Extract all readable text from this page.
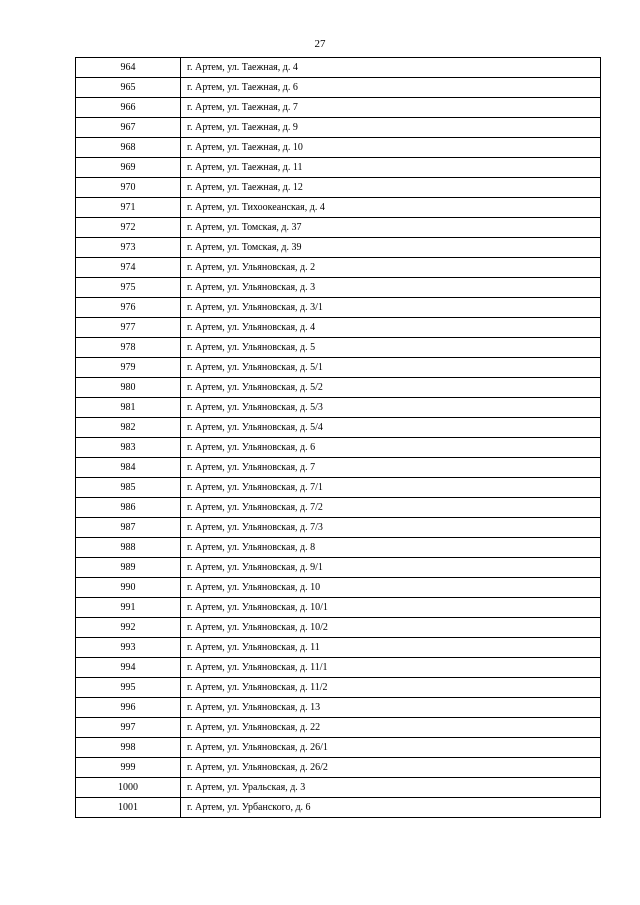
27
964	г. Артем, ул. Таежная, д. 4
965	г. Артем, ул. Таежная, д. 6
966	г. Артем, ул. Таежная, д. 7
967	г. Артем, ул. Таежная, д. 9
968	г. Артем, ул. Таежная, д. 10
969	г. Артем, ул. Таежная, д. 11
970	г. Артем, ул. Таежная, д. 12
971	г. Артем, ул. Тихоокеанская, д. 4
972	г. Артем, ул. Томская, д. 37
973	г. Артем, ул. Томская, д. 39
974	г. Артем, ул. Ульяновская, д. 2
975	г. Артем, ул. Ульяновская, д. 3
976	г. Артем, ул. Ульяновская, д. 3/1
977	г. Артем, ул. Ульяновская, д. 4
978	г. Артем, ул. Ульяновская, д. 5
979	г. Артем, ул. Ульяновская, д. 5/1
980	г. Артем, ул. Ульяновская, д. 5/2
981	г. Артем, ул. Ульяновская, д. 5/3
982	г. Артем, ул. Ульяновская, д. 5/4
983	г. Артем, ул. Ульяновская, д. 6
984	г. Артем, ул. Ульяновская, д. 7
985	г. Артем, ул. Ульяновская, д. 7/1
986	г. Артем, ул. Ульяновская, д. 7/2
987	г. Артем, ул. Ульяновская, д. 7/3
988	г. Артем, ул. Ульяновская, д. 8
989	г. Артем, ул. Ульяновская, д. 9/1
990	г. Артем, ул. Ульяновская, д. 10
991	г. Артем, ул. Ульяновская, д. 10/1
992	г. Артем, ул. Ульяновская, д. 10/2
993	г. Артем, ул. Ульяновская, д. 11
994	г. Артем, ул. Ульяновская, д. 11/1
995	г. Артем, ул. Ульяновская, д. 11/2
996	г. Артем, ул. Ульяновская, д. 13
997	г. Артем, ул. Ульяновская, д. 22
998	г. Артем, ул. Ульяновская, д. 26/1
999	г. Артем, ул. Ульяновская, д. 26/2
1000	г. Артем, ул. Уральская, д. 3
1001	г. Артем, ул. Урбанского, д. 6
